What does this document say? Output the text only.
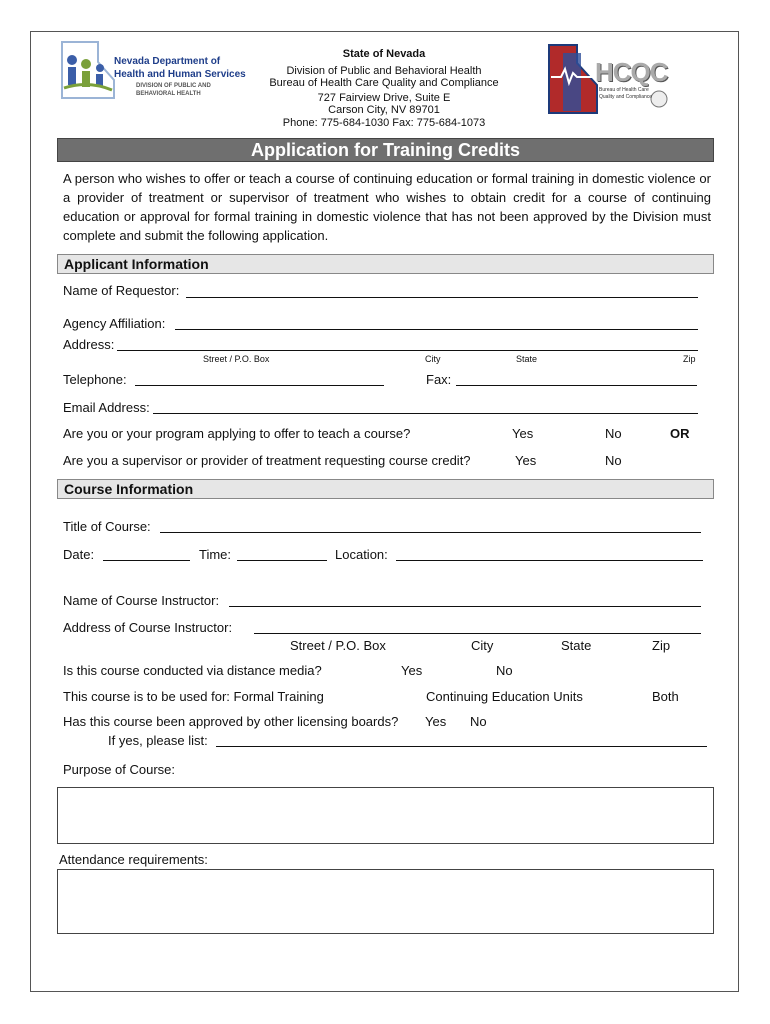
Nevada Department of
Health and Human Services
DIVISION OF PUBLIC AND
BEHAVIORAL HEALTH
State of Nevada
Division of Public and Behavioral Health
Bureau of Health Care Quality and Compliance
727 Fairview Drive, Suite E
Carson City, NV 89701
Phone: 775-684-1030 Fax: 775-684-1073
HCQC
Bureau of Health Care
Quality and Compliance
Application for Training Credits
A person who wishes to offer or teach a course of continuing education or formal training in domestic violence or a provider of treatment or supervisor of treatment who wishes to obtain credit for a course of continuing education or approval for formal training in domestic violence that has not been approved by the Division must complete and submit the following application.
Applicant Information
Name of Requestor:
Agency Affiliation:
Address:
Street / P.O. Box	City	State	Zip
Telephone:	Fax:
Email Address:
Are you or your program applying to offer to teach a course?	Yes	No	OR
Are you a supervisor or provider of treatment requesting course credit?	Yes	No
Course Information
Title of Course:
Date:	Time:	Location:
Name of Course Instructor:
Address of Course Instructor:
Street / P.O. Box	City	State	Zip
Is this course conducted via distance media?	Yes	No
This course is to be used for: Formal Training	Continuing Education Units	Both
Has this course been approved by other licensing boards? Yes No
If yes, please list:
Purpose of Course:
Attendance requirements:
